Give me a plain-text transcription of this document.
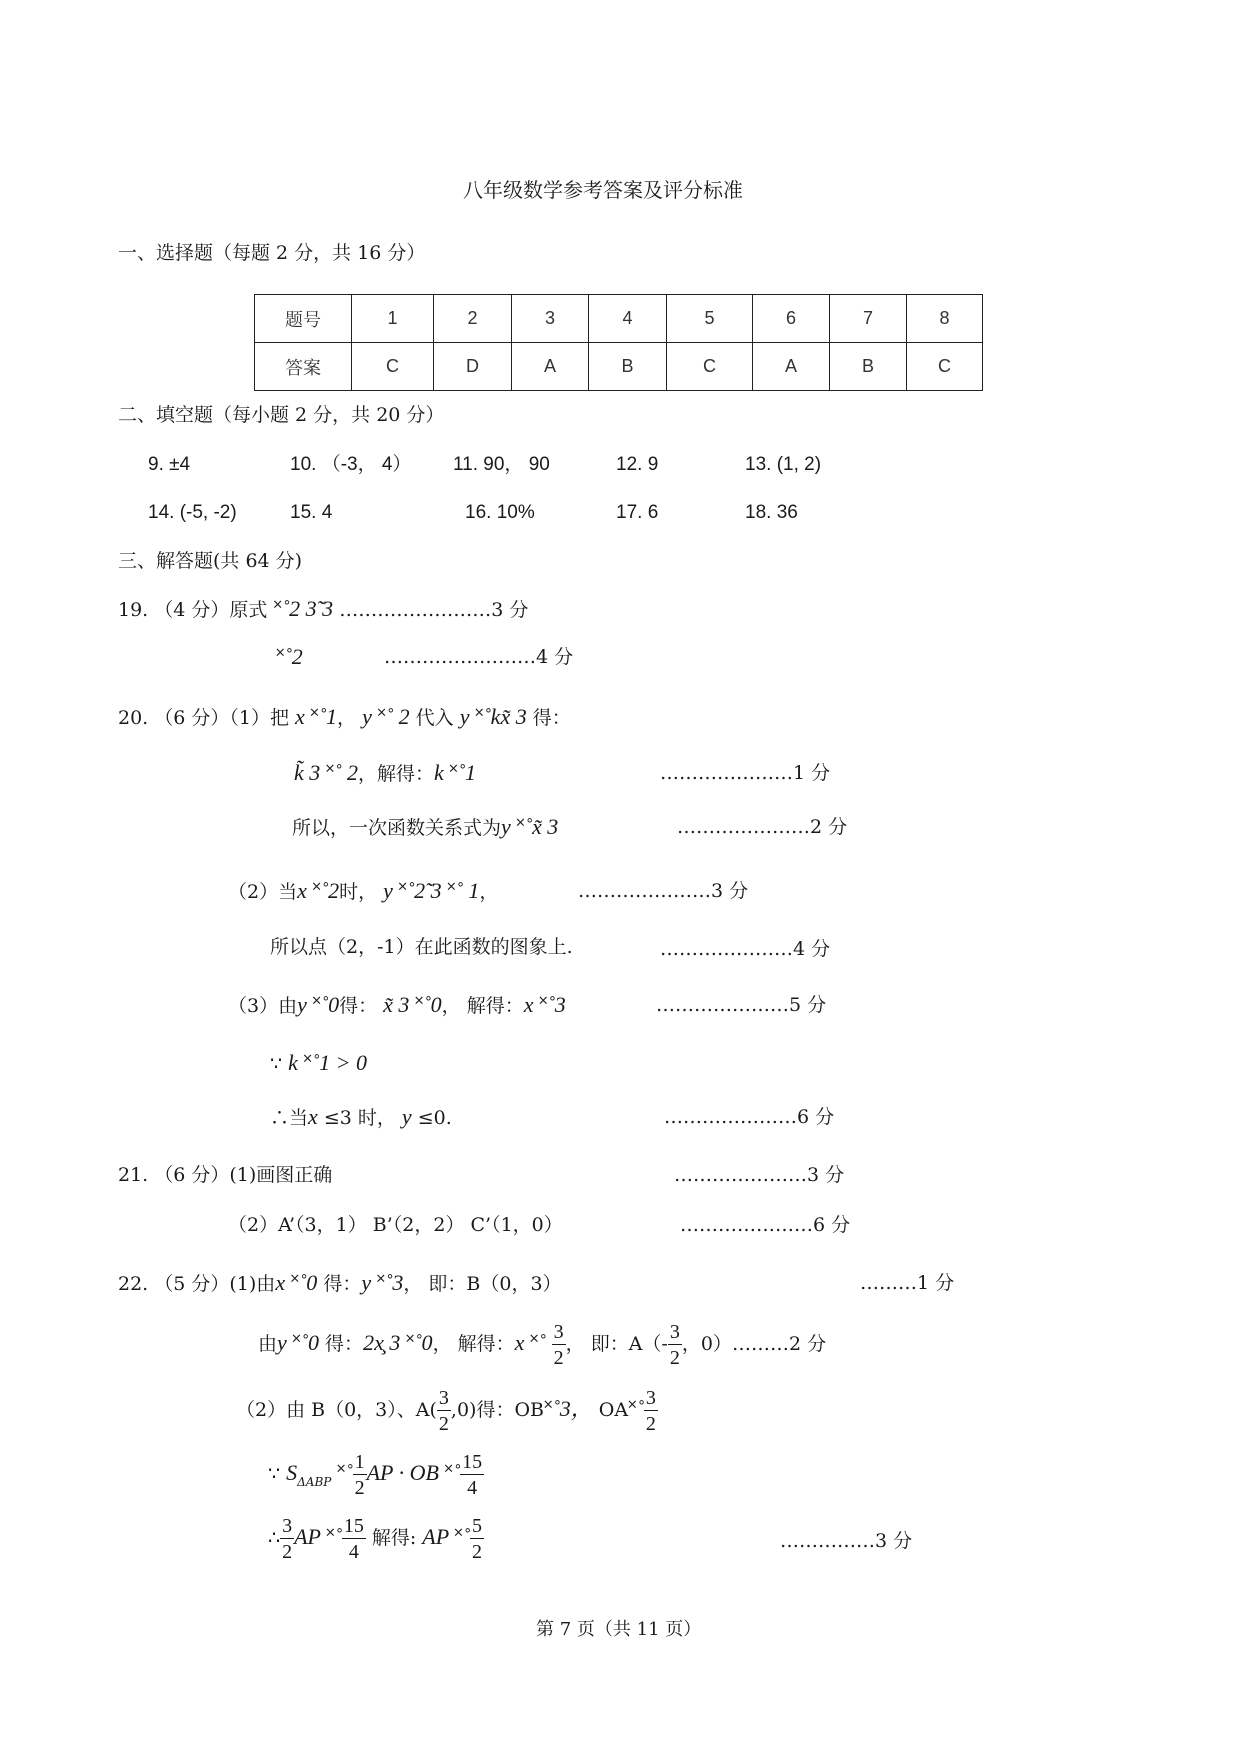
八年级数学参考答案及评分标准
一、选择题（每题 2 分，共 16 分）
题号	1	2	3	4	5	6	7	8
答案	C	D	A	B	C	A	B	C
二、填空题（每小题 2 分，共 20 分）
9. ±4	10. （-3， 4） 11. 90， 90	12. 9	13. (1, 2)
14. (-5, -2)	15. 4	16. 10%	17. 6	18. 36
三、解答题(共 64 分)
19. （4 分）原式 ˟˚2 3̃ 3 ……………………3 分
˟˚2	……………………4 分
20. （6 分）（1）把 x ˟˚1， y ˟˚ 2 代入 y ˟˚kx̃ 3 得：
k̃ 3 ˟˚ 2，解得：k ˟˚1	…………………1 分
所以，一次函数关系式为y ˟˚x̃ 3	…………………2 分
（2）当x ˟˚2时， y ˟˚2̃ 3 ˟˚ 1，	…………………3 分
所以点（2，-1）在此函数的图象上.	…………………4 分
（3）由y ˟˚0得： x̃ 3 ˟˚0， 解得：x ˟˚3	…………………5 分
∵ k ˟˚1 > 0
∴当x ≤3 时， y ≤0.	…………………6 分
21. （6 分）(1)画图正确	…………………3 分
（2）A’（3，1） B’（2，2） C’（1，0）	…………………6 分
22. （5 分）(1)由x ˟˚0 得：y ˟˚3， 即：B（0，3）	………1 分
由y ˟˚0 得：2x̧ 3 ˟˚0， 解得：x ˟˚ $\frac{3}{2}$ ， 即：$A(- \frac{3}{2}$ ，0）………2 分
（2）由 B（0，3）、$A( \frac{3}{2} ,0)$得：OB˟˚3， OA˟˚ $\frac{3}{2}$
∵ $S_{\Delta ABP}$ ˟˚ $\frac{1}{2}$ AP · OB ˟˚ $\frac{15}{4}$
∴ $\frac{3}{2}$ AP ˟˚ $\frac{15}{4}$ 解得: AP ˟˚ $\frac{5}{2}$	……………3 分
第 7 页（共 11 页）
